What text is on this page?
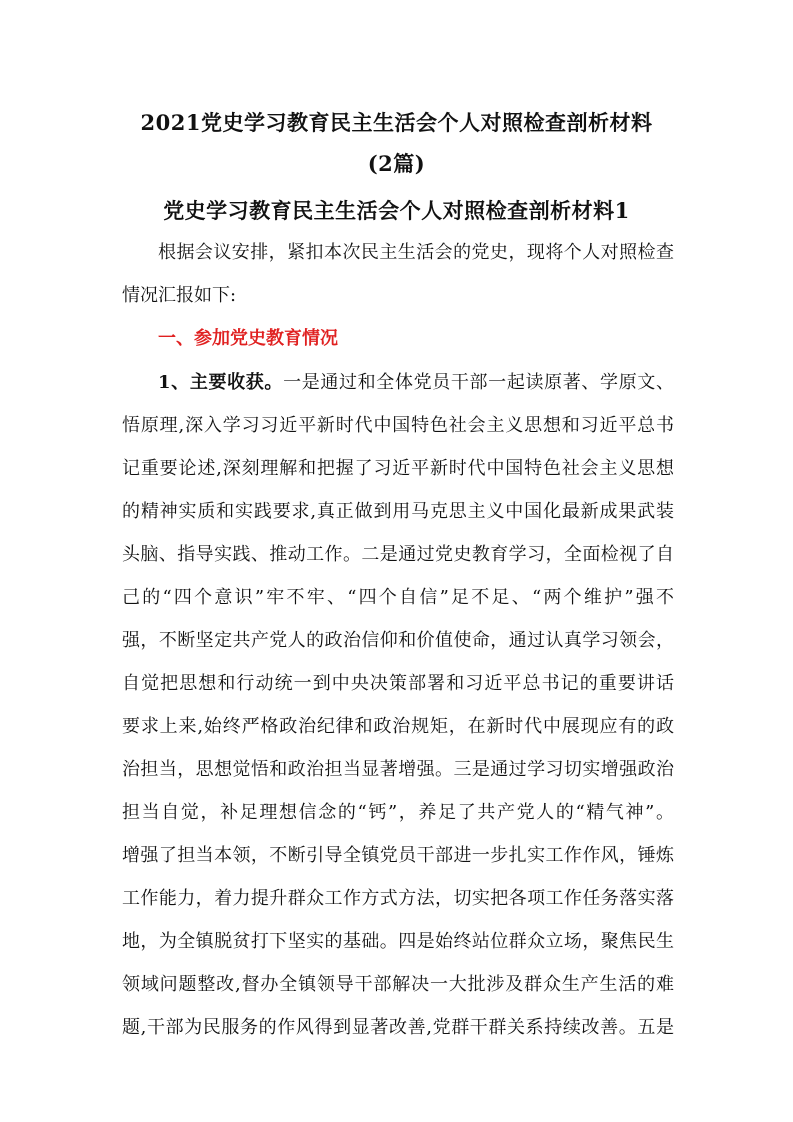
2021党史学习教育民主生活会个人对照检查剖析材料
(2篇)
党史学习教育民主生活会个人对照检查剖析材料1

根据会议安排，紧扣本次民主生活会的党史，现将个人对照检查

情况汇报如下:

一、参加党史教育情况

1、主要收获。一是通过和全体党员干部一起读原著、学原文、

悟原理,深入学习习近平新时代中国特色社会主义思想和习近平总书

记重要论述,深刻理解和把握了习近平新时代中国特色社会主义思想

的精神实质和实践要求,真正做到用马克思主义中国化最新成果武装

头脑、指导实践、推动工作。二是通过党史教育学习，全面检视了自

己的“四个意识”牢不牢、“四个自信”足不足、“两个维护”强不

强，不断坚定共产党人的政治信仰和价值使命，通过认真学习领会，

自觉把思想和行动统一到中央决策部署和习近平总书记的重要讲话

要求上来,始终严格政治纪律和政治规矩，在新时代中展现应有的政

治担当，思想觉悟和政治担当显著增强。三是通过学习切实增强政治

担当自觉，补足理想信念的“钙”，养足了共产党人的“精气神”。

增强了担当本领，不断引导全镇党员干部进一步扎实工作作风，锤炼

工作能力，着力提升群众工作方式方法，切实把各项工作任务落实落

地，为全镇脱贫打下坚实的基础。四是始终站位群众立场，聚焦民生

领域问题整改,督办全镇领导干部解决一大批涉及群众生产生活的难

题,干部为民服务的作风得到显著改善,党群干群关系持续改善。五是
